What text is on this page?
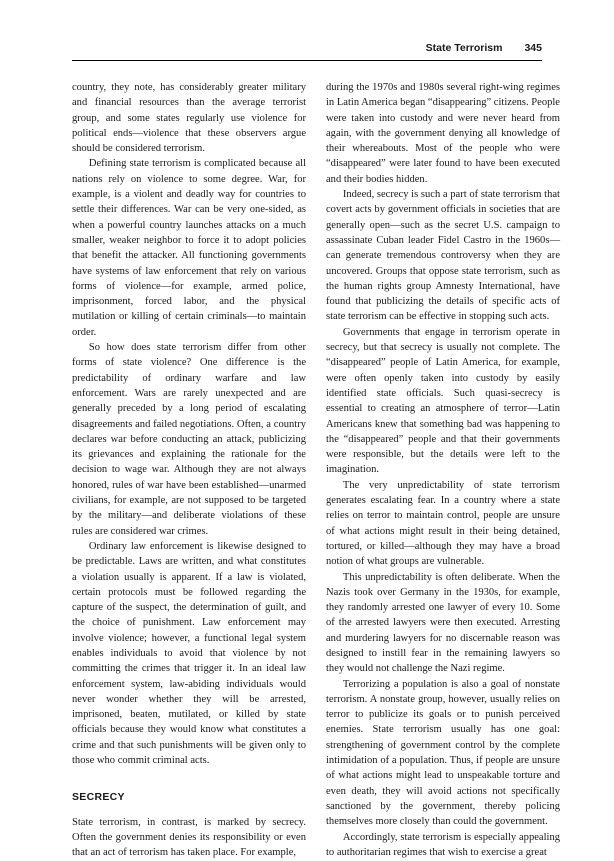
State Terrorism 345

country, they note, has considerably greater military and financial resources than the average terrorist group, and some states regularly use violence for political ends—violence that these observers argue should be considered terrorism.

Defining state terrorism is complicated because all nations rely on violence to some degree. War, for example, is a violent and deadly way for countries to settle their differences. War can be very one-sided, as when a powerful country launches attacks on a much smaller, weaker neighbor to force it to adopt policies that benefit the attacker. All functioning governments have systems of law enforcement that rely on various forms of violence—for example, armed police, imprisonment, forced labor, and the physical mutilation or killing of certain criminals—to maintain order.

So how does state terrorism differ from other forms of state violence? One difference is the predictability of ordinary warfare and law enforcement. Wars are rarely unexpected and are generally preceded by a long period of escalating disagreements and failed negotiations. Often, a country declares war before conducting an attack, publicizing its grievances and explaining the rationale for the decision to wage war. Although they are not always honored, rules of war have been established—unarmed civilians, for example, are not supposed to be targeted by the military—and deliberate violations of these rules are considered war crimes.

Ordinary law enforcement is likewise designed to be predictable. Laws are written, and what constitutes a violation usually is apparent. If a law is violated, certain protocols must be followed regarding the capture of the suspect, the determination of guilt, and the choice of punishment. Law enforcement may involve violence; however, a functional legal system enables individuals to avoid that violence by not committing the crimes that trigger it. In an ideal law enforcement system, law-abiding individuals would never wonder whether they will be arrested, imprisoned, beaten, mutilated, or killed by state officials because they would know what constitutes a crime and that such punishments will be given only to those who commit criminal acts.

SECRECY

State terrorism, in contrast, is marked by secrecy. Often the government denies its responsibility or even that an act of terrorism has taken place. For example,

during the 1970s and 1980s several right-wing regimes in Latin America began “disappearing” citizens. People were taken into custody and were never heard from again, with the government denying all knowledge of their whereabouts. Most of the people who were “disappeared” were later found to have been executed and their bodies hidden.

Indeed, secrecy is such a part of state terrorism that covert acts by government officials in societies that are generally open—such as the secret U.S. campaign to assassinate Cuban leader Fidel Castro in the 1960s—can generate tremendous controversy when they are uncovered. Groups that oppose state terrorism, such as the human rights group Amnesty International, have found that publicizing the details of specific acts of state terrorism can be effective in stopping such acts.

Governments that engage in terrorism operate in secrecy, but that secrecy is usually not complete. The “disappeared” people of Latin America, for example, were often openly taken into custody by easily identified state officials. Such quasi-secrecy is essential to creating an atmosphere of terror—Latin Americans knew that something bad was happening to the “disappeared” people and that their governments were responsible, but the details were left to the imagination.

The very unpredictability of state terrorism generates escalating fear. In a country where a state relies on terror to maintain control, people are unsure of what actions might result in their being detained, tortured, or killed—although they may have a broad notion of what groups are vulnerable.

This unpredictability is often deliberate. When the Nazis took over Germany in the 1930s, for example, they randomly arrested one lawyer of every 10. Some of the arrested lawyers were then executed. Arresting and murdering lawyers for no discernable reason was designed to instill fear in the remaining lawyers so they would not challenge the Nazi regime.

Terrorizing a population is also a goal of nonstate terrorism. A nonstate group, however, usually relies on terror to publicize its goals or to punish perceived enemies. State terrorism usually has one goal: strengthening of government control by the complete intimidation of a population. Thus, if people are unsure of what actions might lead to unspeakable torture and even death, they will avoid actions not specifically sanctioned by the government, thereby policing themselves more closely than could the government.

Accordingly, state terrorism is especially appealing to authoritarian regimes that wish to exercise a great
